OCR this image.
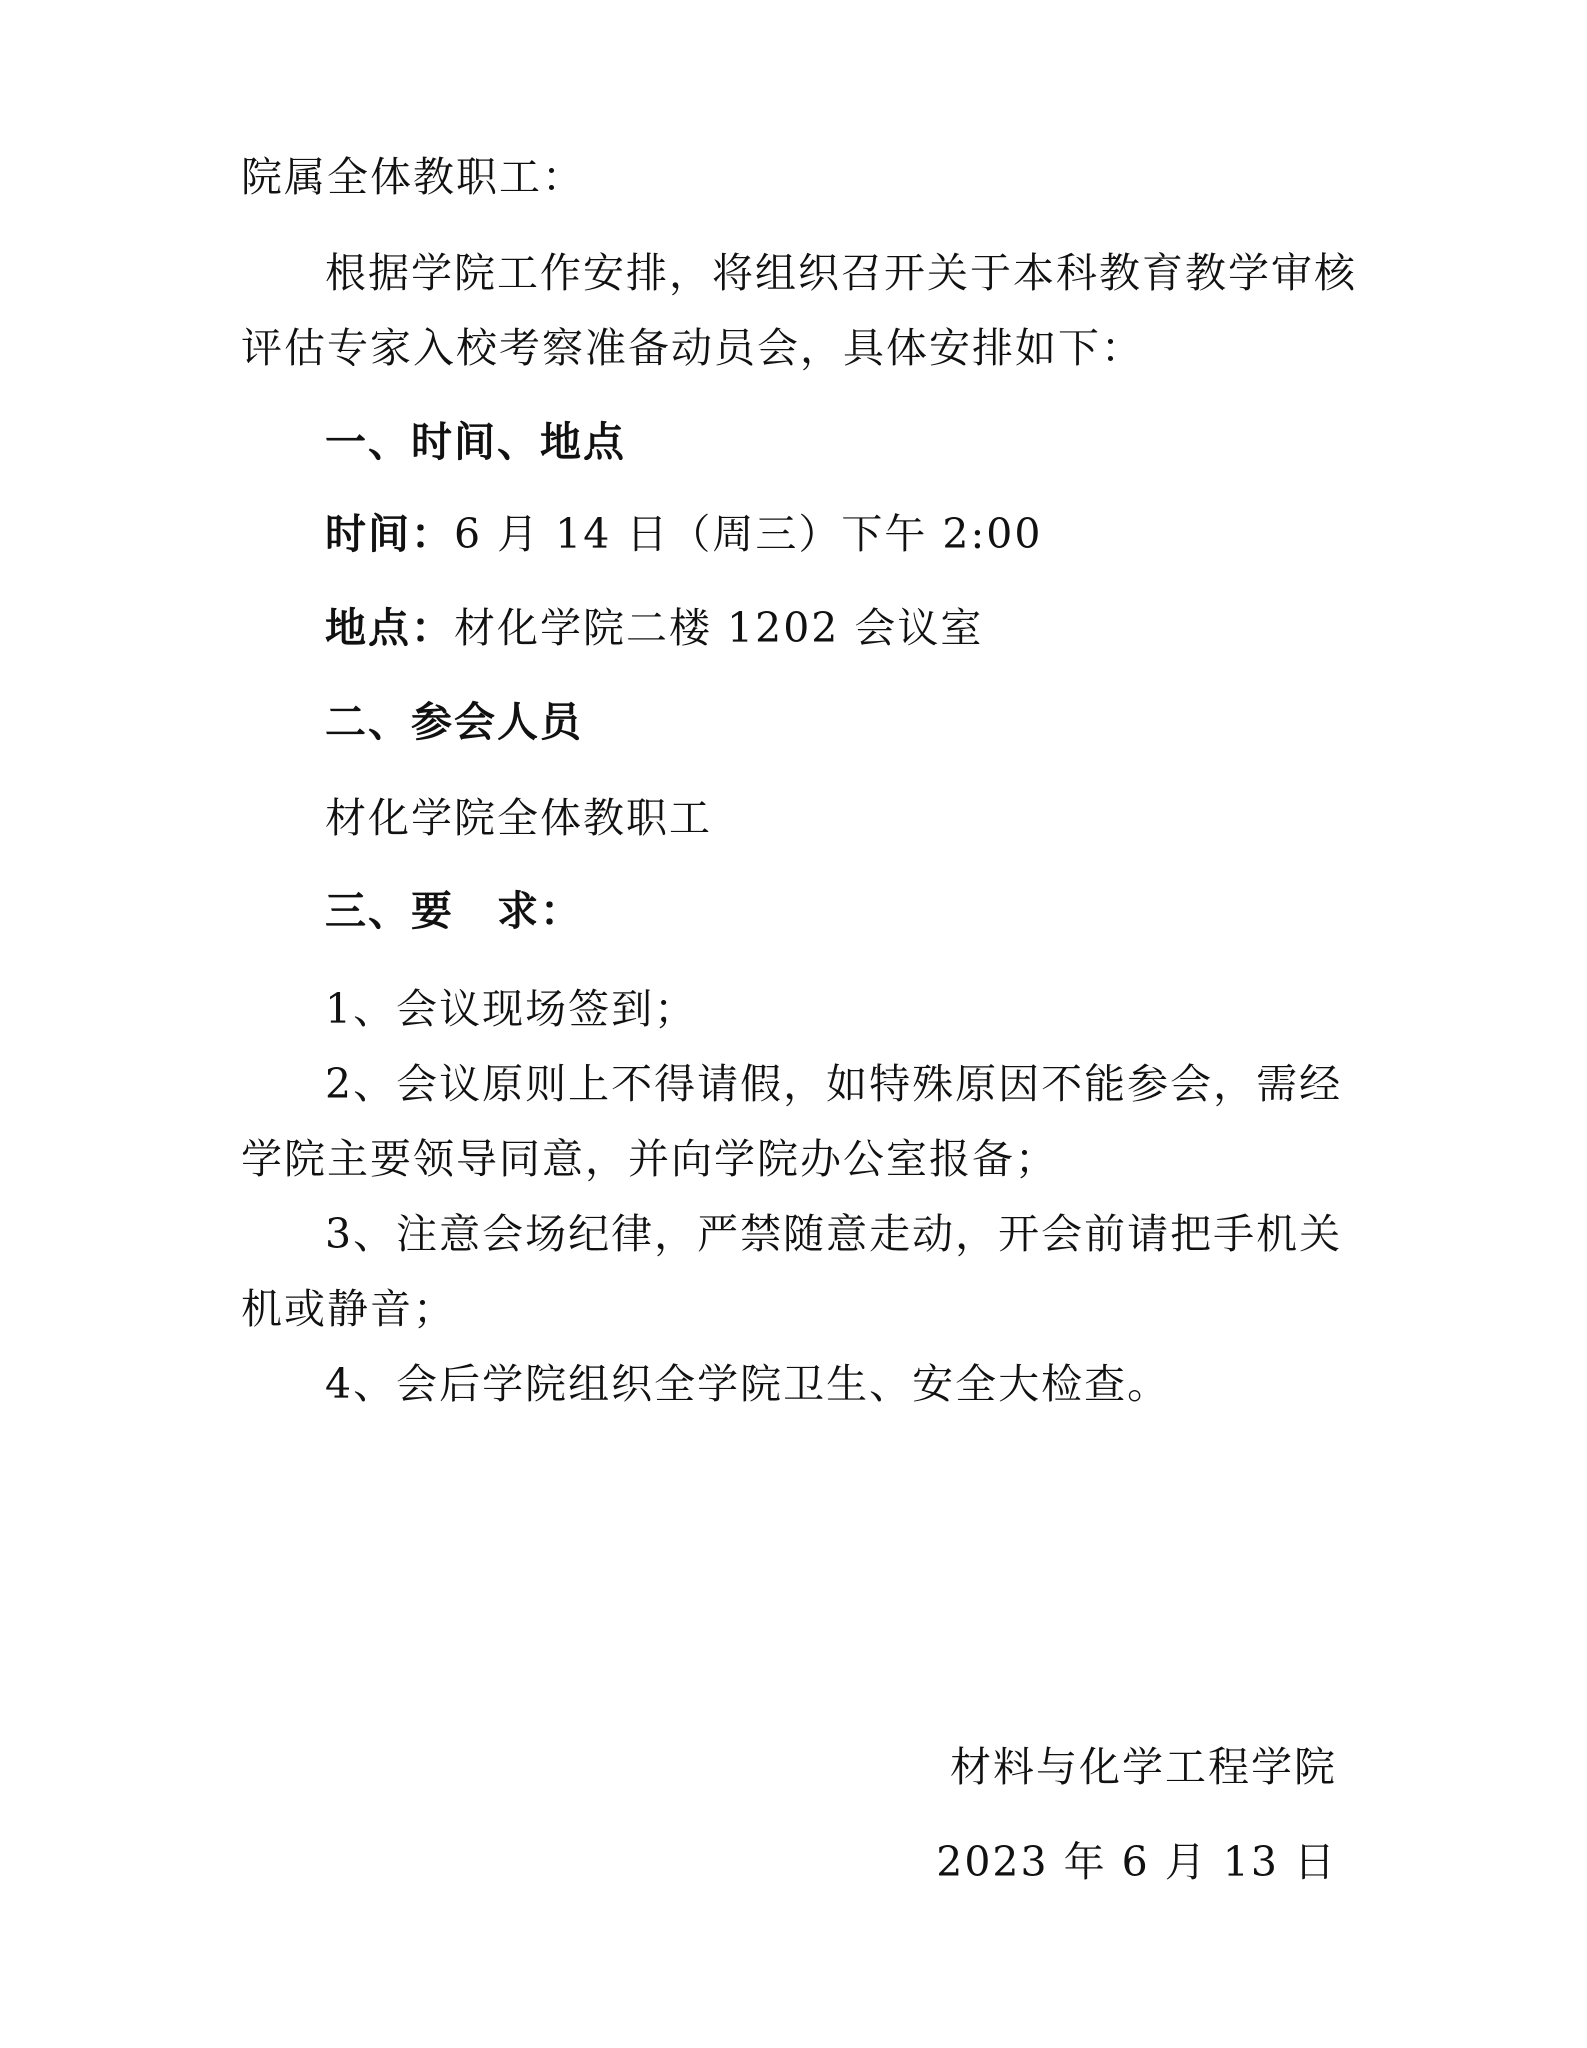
院属全体教职工：
根据学院工作安排，将组织召开关于本科教育教学审核
评估专家入校考察准备动员会，具体安排如下：
一、时间、地点
时间：6 月 14 日（周三）下午 2:00
地点：材化学院二楼 1202 会议室
二、参会人员
材化学院全体教职工
三、要　求：
1、会议现场签到；
2、会议原则上不得请假，如特殊原因不能参会，需经
学院主要领导同意，并向学院办公室报备；
3、注意会场纪律，严禁随意走动，开会前请把手机关
机或静音；
4、会后学院组织全学院卫生、安全大检查。
材料与化学工程学院
2023 年 6 月 13 日
